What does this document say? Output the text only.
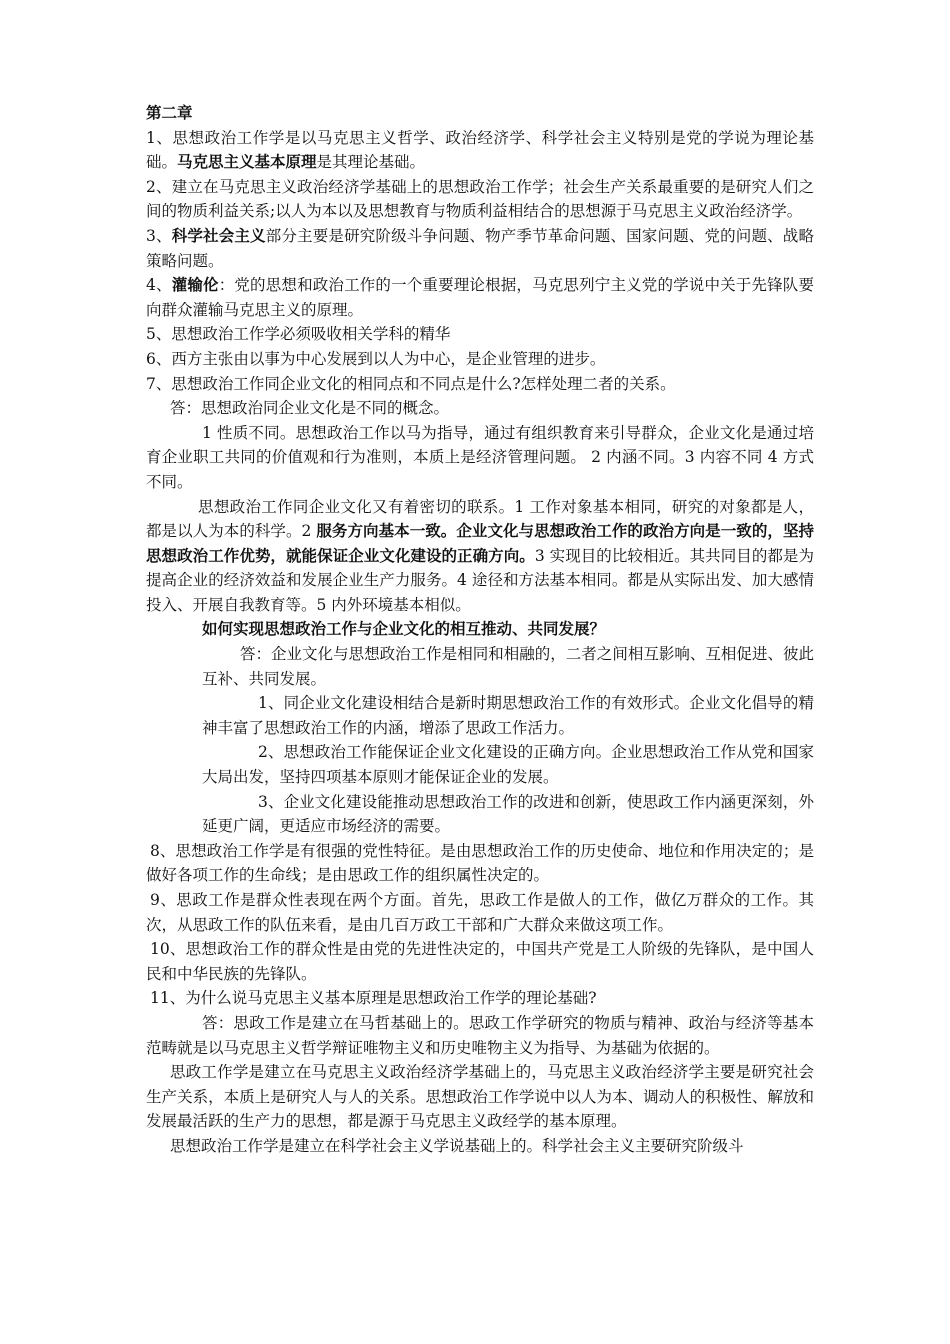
第二章

1、思想政治工作学是以马克思主义哲学、政治经济学、科学社会主义特别是党的学说为理论基础。马克思主义基本原理是其理论基础。

2、建立在马克思主义政治经济学基础上的思想政治工作学；社会生产关系最重要的是研究人们之间的物质利益关系;以人为本以及思想教育与物质利益相结合的思想源于马克思主义政治经济学。

3、科学社会主义部分主要是研究阶级斗争问题、物产季节革命问题、国家问题、党的问题、战略策略问题。

4、灌输伦：党的思想和政治工作的一个重要理论根据，马克思列宁主义党的学说中关于先锋队要向群众灌输马克思主义的原理。

5、思想政治工作学必须吸收相关学科的精华

6、西方主张由以事为中心发展到以人为中心，是企业管理的进步。

7、思想政治工作同企业文化的相同点和不同点是什么?怎样处理二者的关系。

答：思想政治同企业文化是不同的概念。

1 性质不同。思想政治工作以马为指导，通过有组织教育来引导群众，企业文化是通过培育企业职工共同的价值观和行为准则，本质上是经济管理问题。 2 内涵不同。3 内容不同 4 方式不同。

思想政治工作同企业文化又有着密切的联系。1 工作对象基本相同，研究的对象都是人，都是以人为本的科学。2 服务方向基本一致。企业文化与思想政治工作的政治方向是一致的，坚持思想政治工作优势，就能保证企业文化建设的正确方向。3 实现目的比较相近。其共同目的都是为提高企业的经济效益和发展企业生产力服务。4 途径和方法基本相同。都是从实际出发、加大感情投入、开展自我教育等。5 内外环境基本相似。

如何实现思想政治工作与企业文化的相互推动、共同发展？

答：企业文化与思想政治工作是相同和相融的，二者之间相互影响、互相促进、彼此互补、共同发展。

1、同企业文化建设相结合是新时期思想政治工作的有效形式。企业文化倡导的精神丰富了思想政治工作的内涵，增添了思政工作活力。

2、思想政治工作能保证企业文化建设的正确方向。企业思想政治工作从党和国家大局出发，坚持四项基本原则才能保证企业的发展。

3、企业文化建设能推动思想政治工作的改进和创新，使思政工作内涵更深刻，外延更广阔，更适应市场经济的需要。

8、思想政治工作学是有很强的党性特征。是由思想政治工作的历史使命、地位和作用决定的；是做好各项工作的生命线；是由思政工作的组织属性决定的。

9、思政工作是群众性表现在两个方面。首先，思政工作是做人的工作，做亿万群众的工作。其次，从思政工作的队伍来看，是由几百万政工干部和广大群众来做这项工作。

10、思想政治工作的群众性是由党的先进性决定的，中国共产党是工人阶级的先锋队，是中国人民和中华民族的先锋队。

11、为什么说马克思主义基本原理是思想政治工作学的理论基础?

答：思政工作是建立在马哲基础上的。思政工作学研究的物质与精神、政治与经济等基本范畴就是以马克思主义哲学辩证唯物主义和历史唯物主义为指导、为基础为依据的。

思政工作学是建立在马克思主义政治经济学基础上的，马克思主义政治经济学主要是研究社会生产关系，本质上是研究人与人的关系。思想政治工作学说中以人为本、调动人的积极性、解放和发展最活跃的生产力的思想，都是源于马克思主义政经学的基本原理。

思想政治工作学是建立在科学社会主义学说基础上的。科学社会主义主要研究阶级斗
